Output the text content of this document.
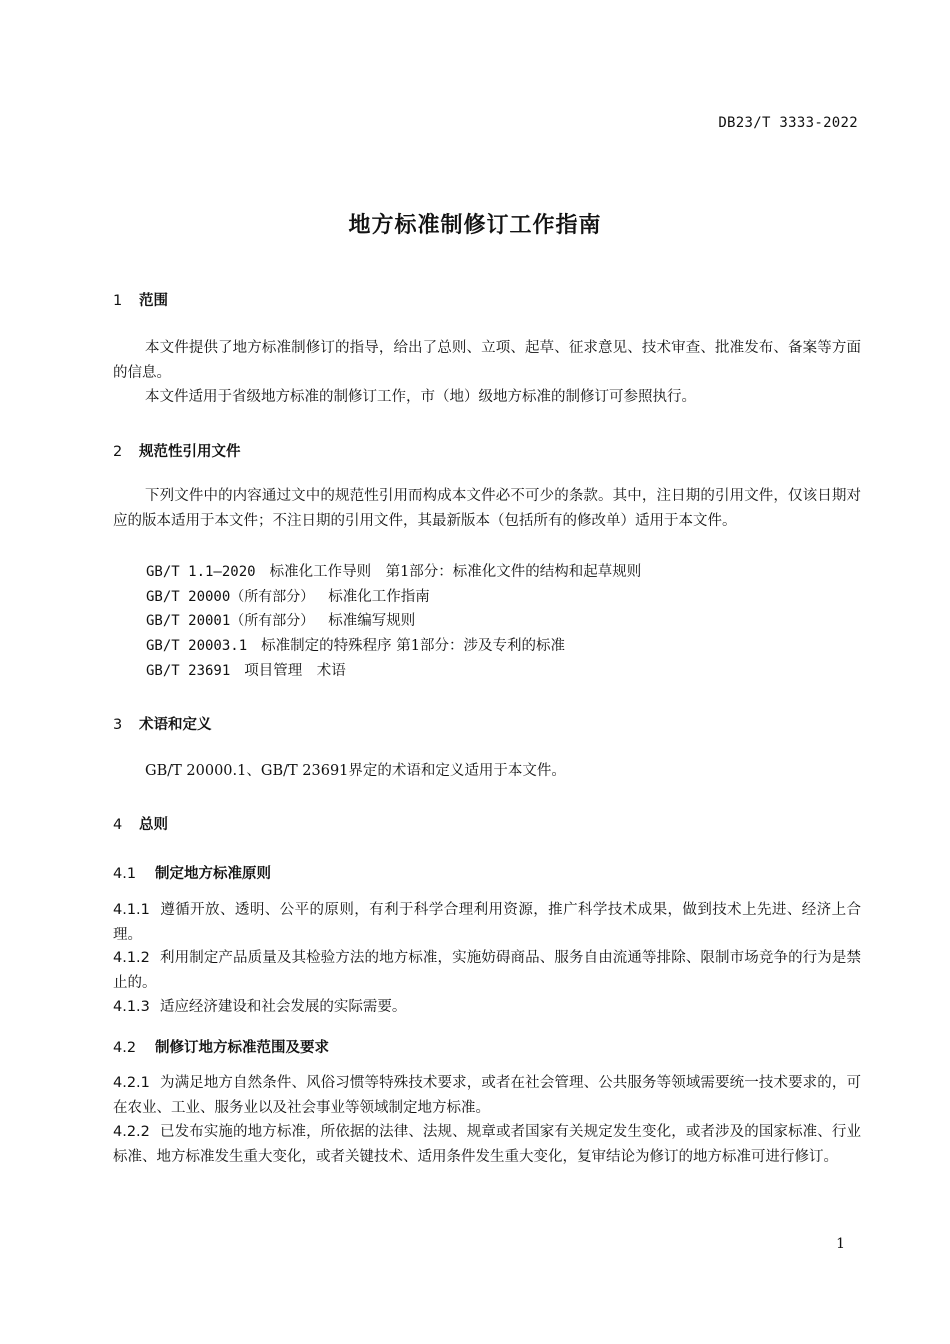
DB23/T 3333-2022
地方标准制修订工作指南
1 范围
本文件提供了地方标准制修订的指导，给出了总则、立项、起草、征求意见、技术审查、批准发布、备案等方面的信息。
本文件适用于省级地方标准的制修订工作，市（地）级地方标准的制修订可参照执行。
2 规范性引用文件
下列文件中的内容通过文中的规范性引用而构成本文件必不可少的条款。其中，注日期的引用文件，仅该日期对应的版本适用于本文件；不注日期的引用文件，其最新版本（包括所有的修改单）适用于本文件。
GB/T 1.1—2020 标准化工作导则　第1部分：标准化文件的结构和起草规则
GB/T 20000（所有部分） 标准化工作指南
GB/T 20001（所有部分） 标准编写规则
GB/T 20003.1 标准制定的特殊程序 第1部分：涉及专利的标准
GB/T 23691 项目管理　术语
3 术语和定义
GB/T 20000.1、GB/T 23691界定的术语和定义适用于本文件。
4 总则
4.1 制定地方标准原则
4.1.1 遵循开放、透明、公平的原则，有利于科学合理利用资源，推广科学技术成果，做到技术上先进、经济上合理。
4.1.2 利用制定产品质量及其检验方法的地方标准，实施妨碍商品、服务自由流通等排除、限制市场竞争的行为是禁止的。
4.1.3 适应经济建设和社会发展的实际需要。
4.2 制修订地方标准范围及要求
4.2.1 为满足地方自然条件、风俗习惯等特殊技术要求，或者在社会管理、公共服务等领域需要统一技术要求的，可在农业、工业、服务业以及社会事业等领域制定地方标准。
4.2.2 已发布实施的地方标准，所依据的法律、法规、规章或者国家有关规定发生变化，或者涉及的国家标准、行业标准、地方标准发生重大变化，或者关键技术、适用条件发生重大变化，复审结论为修订的地方标准可进行修订。
1
